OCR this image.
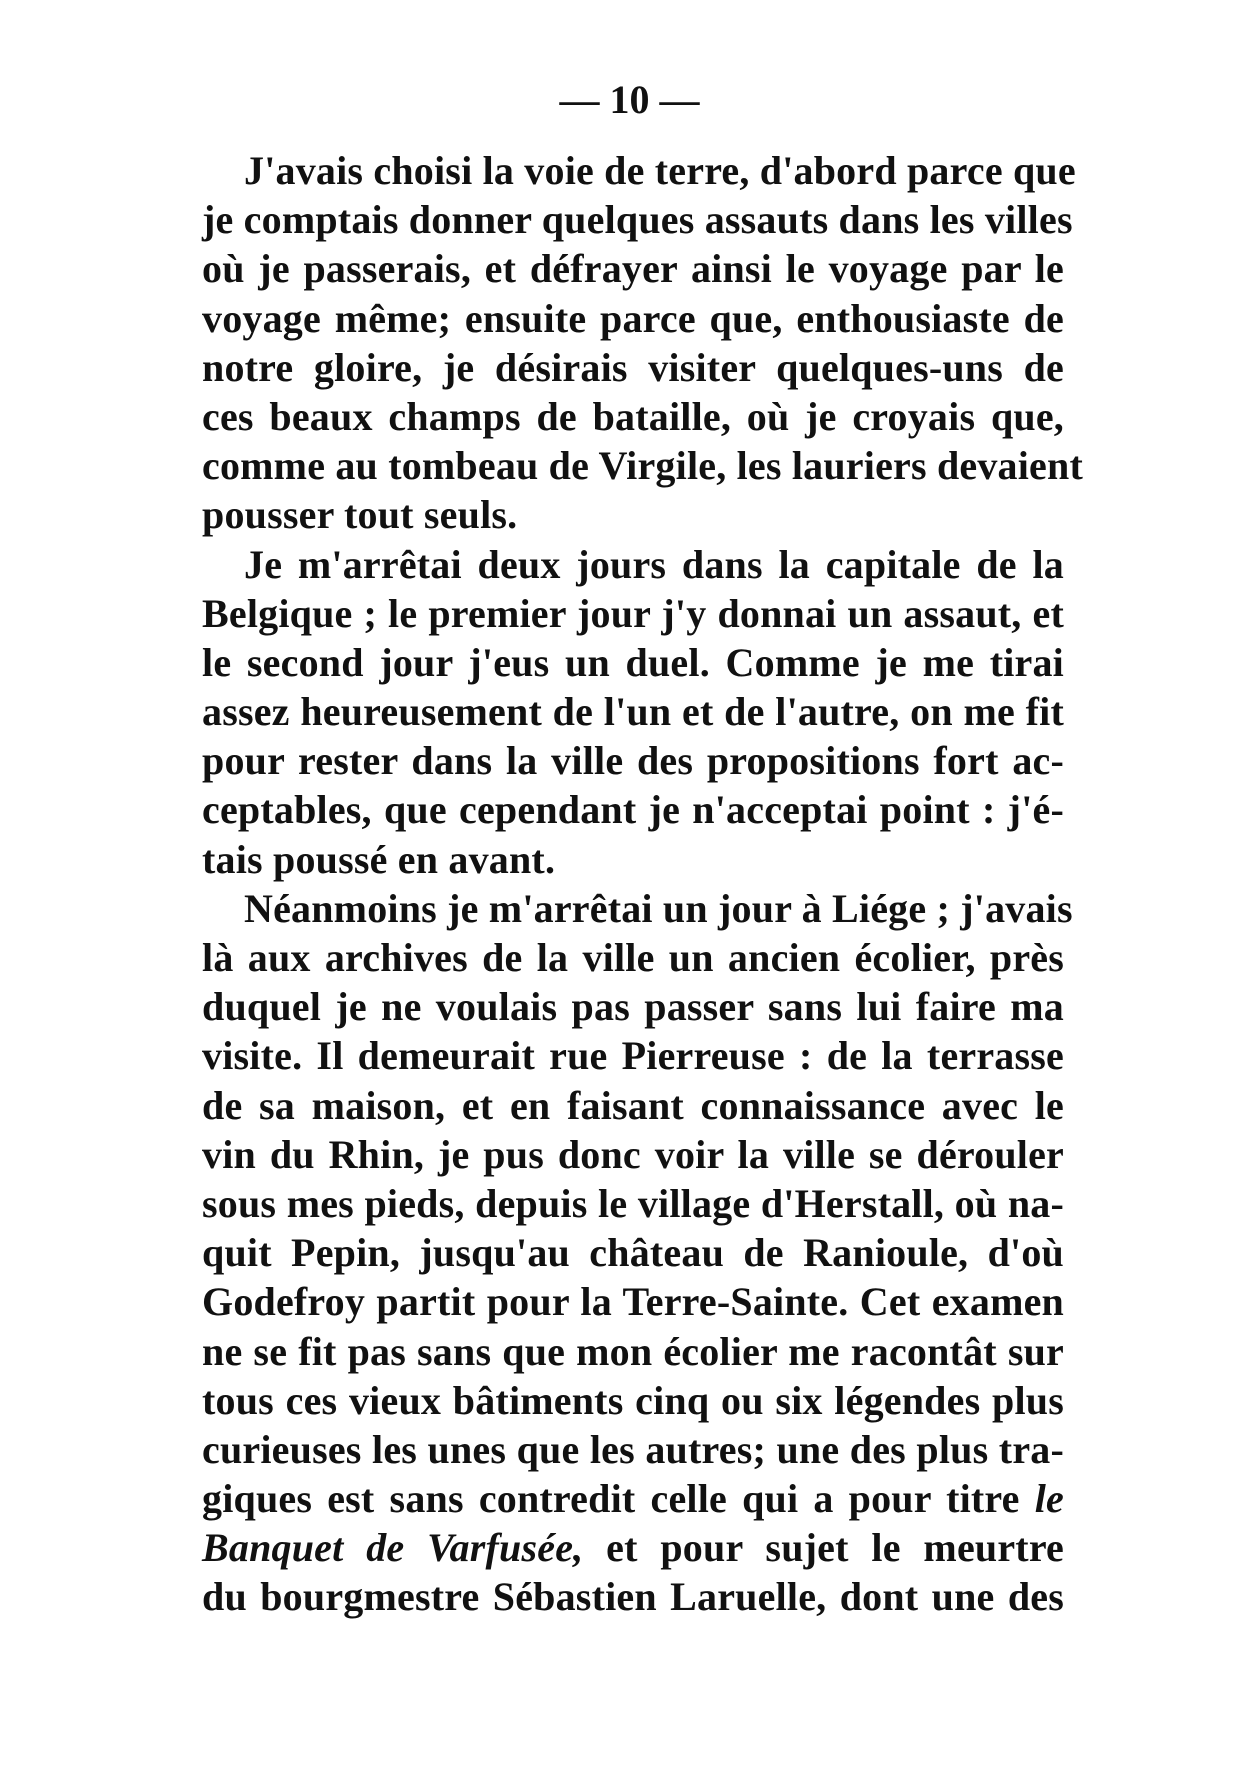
— 10 —
J'avais choisi la voie de terre, d'abord parce que
je comptais donner quelques assauts dans les villes
où je passerais, et défrayer ainsi le voyage par le
voyage même; ensuite parce que, enthousiaste de
notre gloire, je désirais visiter quelques-uns de
ces beaux champs de bataille, où je croyais que,
comme au tombeau de Virgile, les lauriers devaient
pousser tout seuls.
Je m'arrêtai deux jours dans la capitale de la
Belgique ; le premier jour j'y donnai un assaut, et
le second jour j'eus un duel. Comme je me tirai
assez heureusement de l'un et de l'autre, on me fit
pour rester dans la ville des propositions fort ac-
ceptables, que cependant je n'acceptai point : j'é-
tais poussé en avant.
Néanmoins je m'arrêtai un jour à Liége ; j'avais
là aux archives de la ville un ancien écolier, près
duquel je ne voulais pas passer sans lui faire ma
visite. Il demeurait rue Pierreuse : de la terrasse
de sa maison, et en faisant connaissance avec le
vin du Rhin, je pus donc voir la ville se dérouler
sous mes pieds, depuis le village d'Herstall, où na-
quit Pepin, jusqu'au château de Ranioule, d'où
Godefroy partit pour la Terre-Sainte. Cet examen
ne se fit pas sans que mon écolier me racontât sur
tous ces vieux bâtiments cinq ou six légendes plus
curieuses les unes que les autres; une des plus tra-
giques est sans contredit celle qui a pour titre le
Banquet de Varfusée, et pour sujet le meurtre
du bourgmestre Sébastien Laruelle, dont une des
